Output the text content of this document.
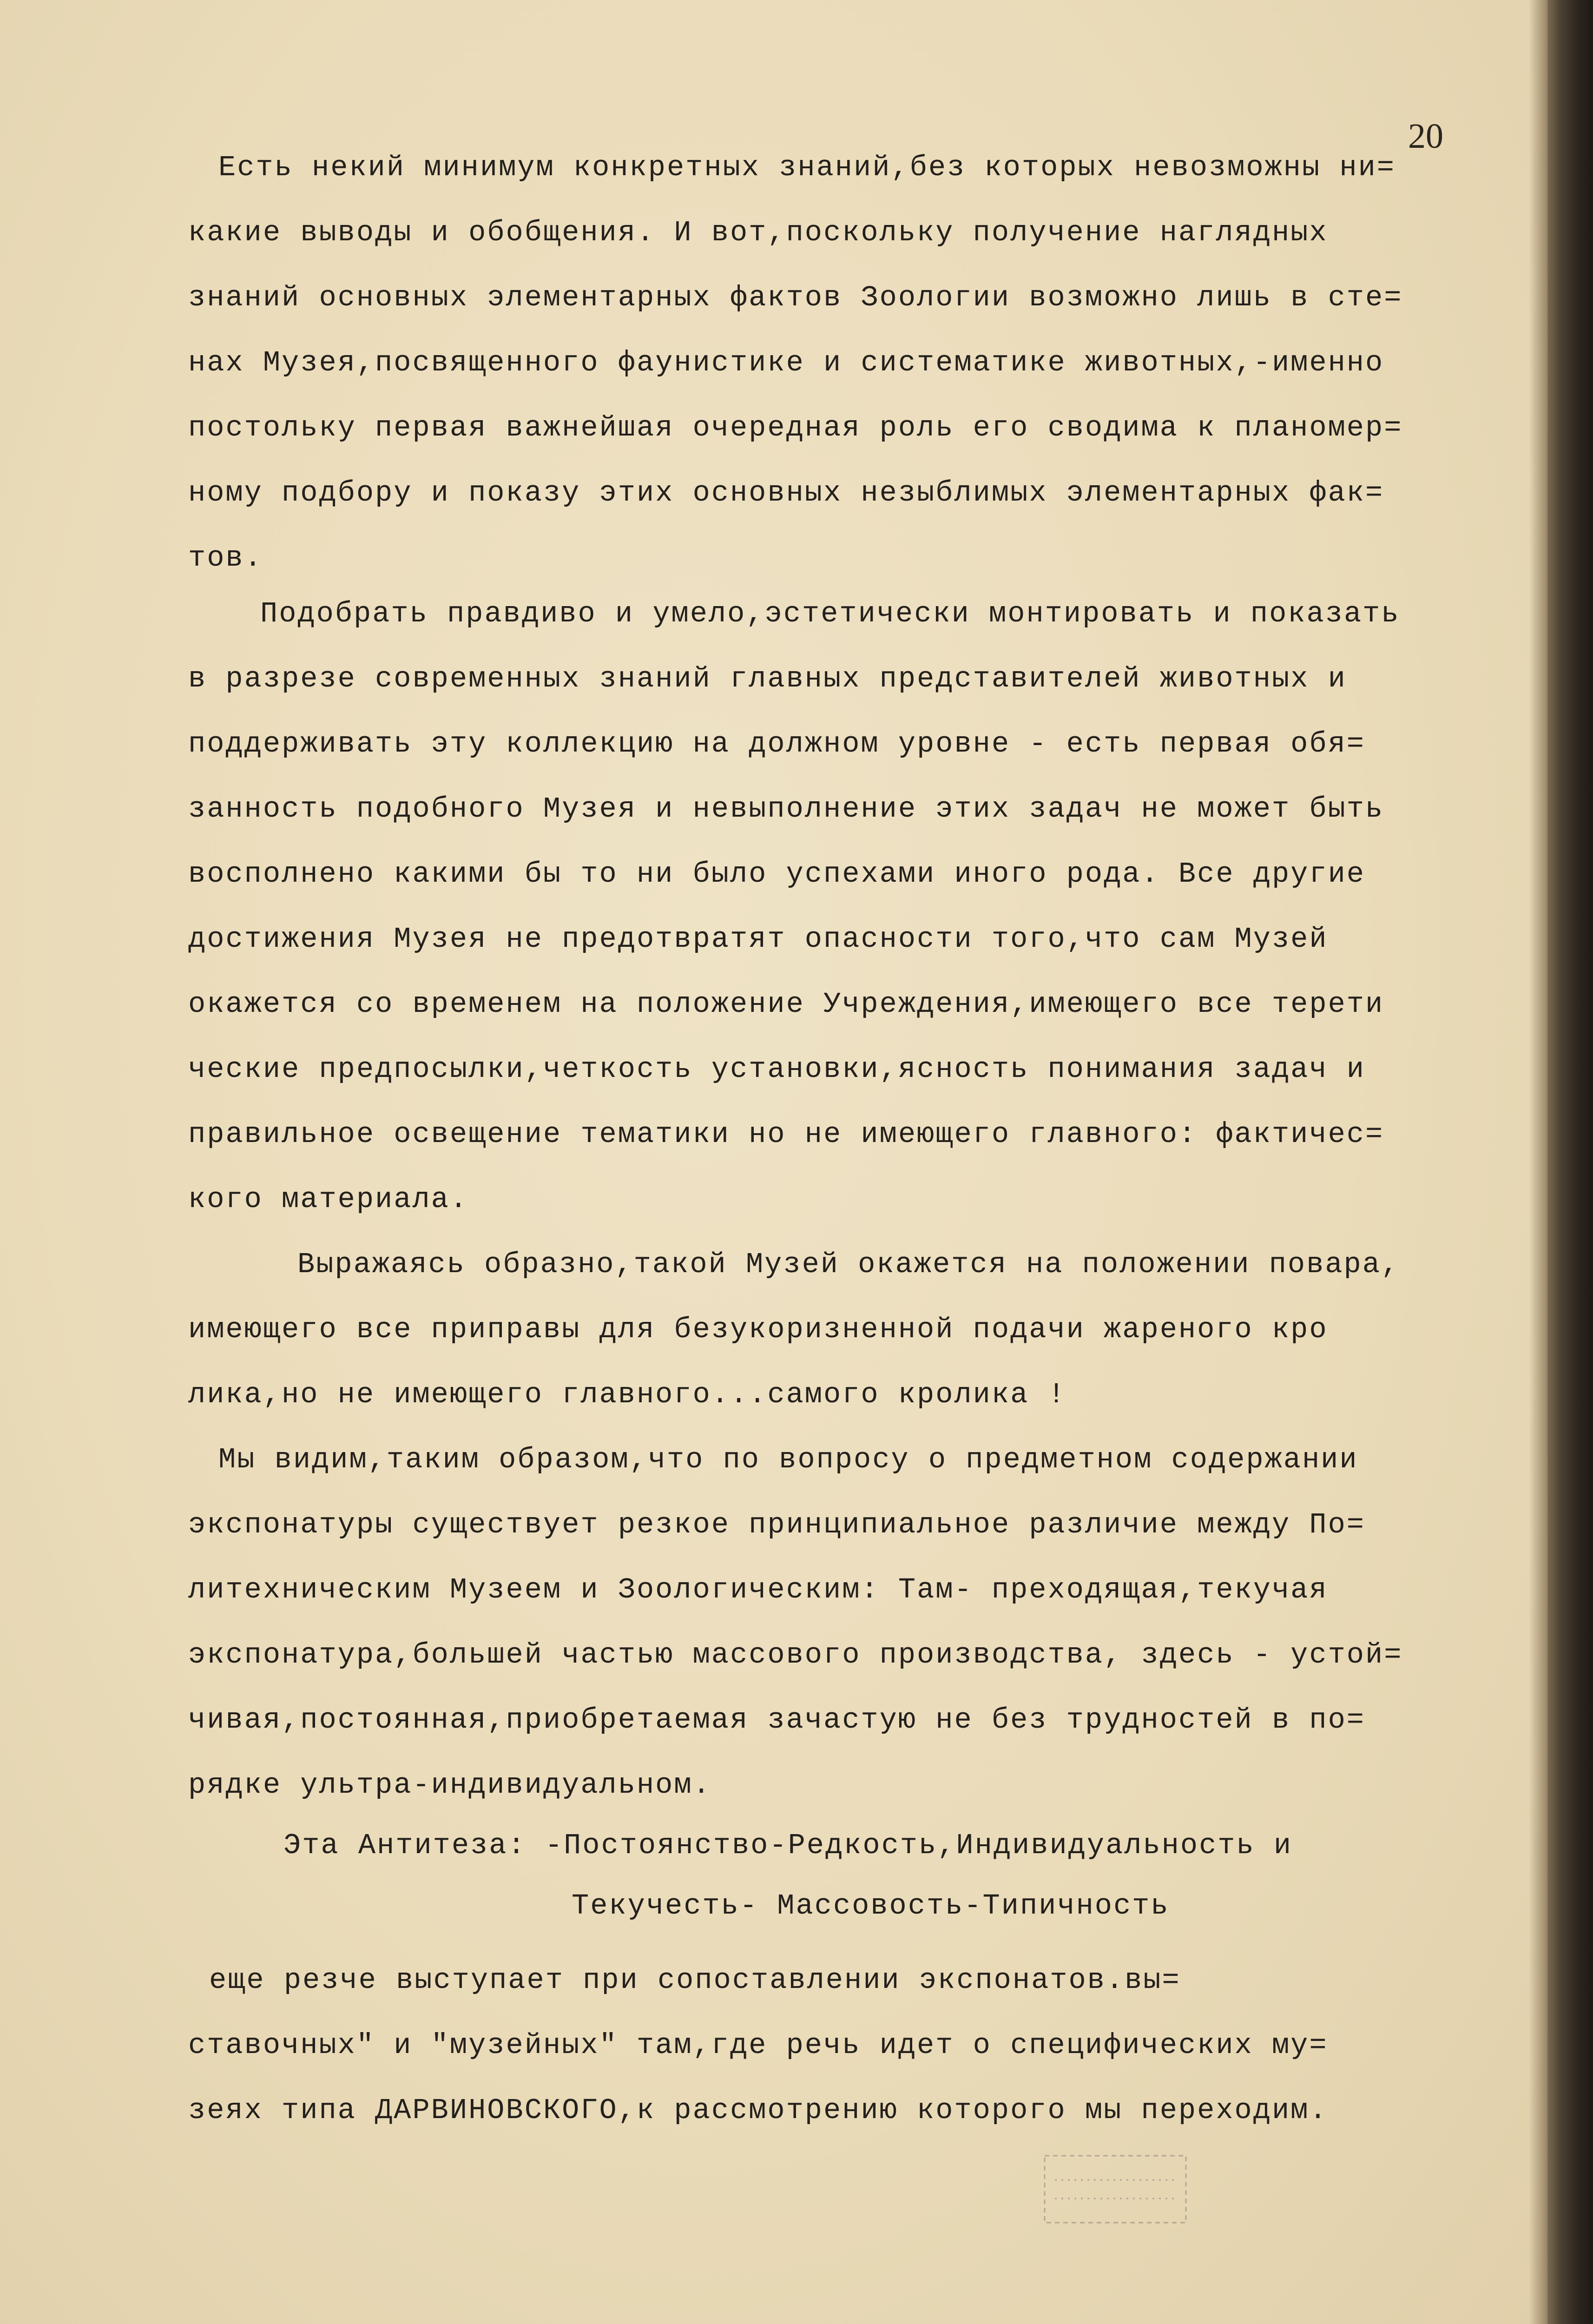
20
Есть некий минимум конкретных знаний,без которых невозможны ни=
какие выводы и обобщения. И вот,поскольку получение наглядных
знаний основных элементарных фактов Зоологии возможно лишь в сте=
нах Музея,посвященного фаунистике и систематике животных,-именно
постольку первая важнейшая очередная роль его сводима к планомер=
ному подбору и показу этих основных незыблимых элементарных фак=
тов.
Подобрать правдиво и умело,эстетически монтировать и показать
в разрезе современных знаний главных представителей животных и
поддерживать эту коллекцию на должном уровне - есть первая обя=
занность подобного Музея и невыполнение этих задач не может быть
восполнено какими бы то ни было успехами иного рода. Все другие
достижения Музея не предотвратят опасности того,что сам Музей
окажется со временем на положение Учреждения,имеющего все терети
ческие предпосылки,четкость установки,ясность понимания задач и
правильное освещение тематики но не имеющего главного: фактичес=
кого материала.
Выражаясь образно,такой Музей окажется на положении повара,
имеющего все приправы для безукоризненной подачи жареного кро
лика,но не имеющего главного...самого кролика !
Мы видим,таким образом,что по вопросу о предметном содержании
экспонатуры существует резкое принципиальное различие между По=
литехническим Музеем и Зоологическим: Там- преходящая,текучая
экспонатура,большей частью массового производства, здесь - устой=
чивая,постоянная,приобретаемая зачастую не без трудностей в по=
рядке ультра-индивидуальном.
Эта Антитеза: -Постоянство-Редкость,Индивидуальность и
Текучесть- Массовость-Типичность
еще резче выступает при сопоставлении экспонатов.вы=
ставочных" и "музейных" там,где речь идет о специфических му=
зеях типа ДАРВИНОВСКОГО,к рассмотрению которого мы переходим.
